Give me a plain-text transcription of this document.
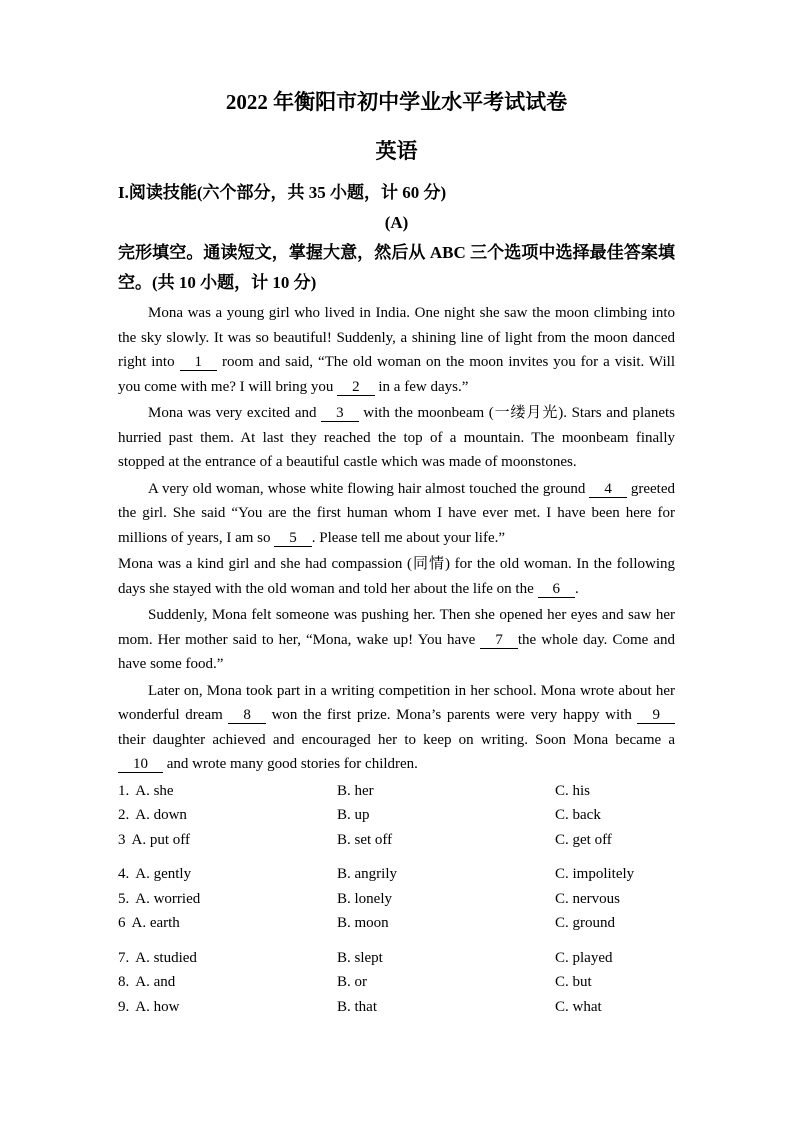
2022 年衡阳市初中学业水平考试试卷
英语
I.阅读技能(六个部分，共 35 小题，计 60 分)
(A)
完形填空。通读短文，掌握大意，然后从 ABC 三个选项中选择最佳答案填空。(共 10 小题，计 10 分)

Mona was a young girl who lived in India. One night she saw the moon climbing into the sky slowly. It was so beautiful! Suddenly, a shining line of light from the moon danced right into 1 room and said, “The old woman on the moon invites you for a visit. Will you come with me? I will bring you 2 in a few days.”

Mona was very excited and 3 with the moonbeam (一缕月光). Stars and planets hurried past them. At last they reached the top of a mountain. The moonbeam finally stopped at the entrance of a beautiful castle which was made of moonstones.

A very old woman, whose white flowing hair almost touched the ground 4 greeted the girl. She said “You are the first human whom I have ever met. I have been here for millions of years, I am so 5 . Please tell me about your life.”

Mona was a kind girl and she had compassion (同情) for the old woman. In the following days she stayed with the old woman and told her about the life on the 6 .

Suddenly, Mona felt someone was pushing her. Then she opened her eyes and saw her mom. Her mother said to her, “Mona, wake up! You have 7 the whole day. Come and have some food.”

Later on, Mona took part in a writing competition in her school. Mona wrote about her wonderful dream 8 won the first prize. Mona’s parents were very happy with 9 their daughter achieved and encouraged her to keep on writing. Soon Mona became a 10 and wrote many good stories for children.

1. A. she	B. her	C. his
2. A. down	B. up	C. back
3 A. put off	B. set off	C. get off
4. A. gently	B. angrily	C. impolitely
5. A. worried	B. lonely	C. nervous
6 A. earth	B. moon	C. ground
7. A. studied	B. slept	C. played
8. A. and	B. or	C. but
9. A. how	B. that	C. what
